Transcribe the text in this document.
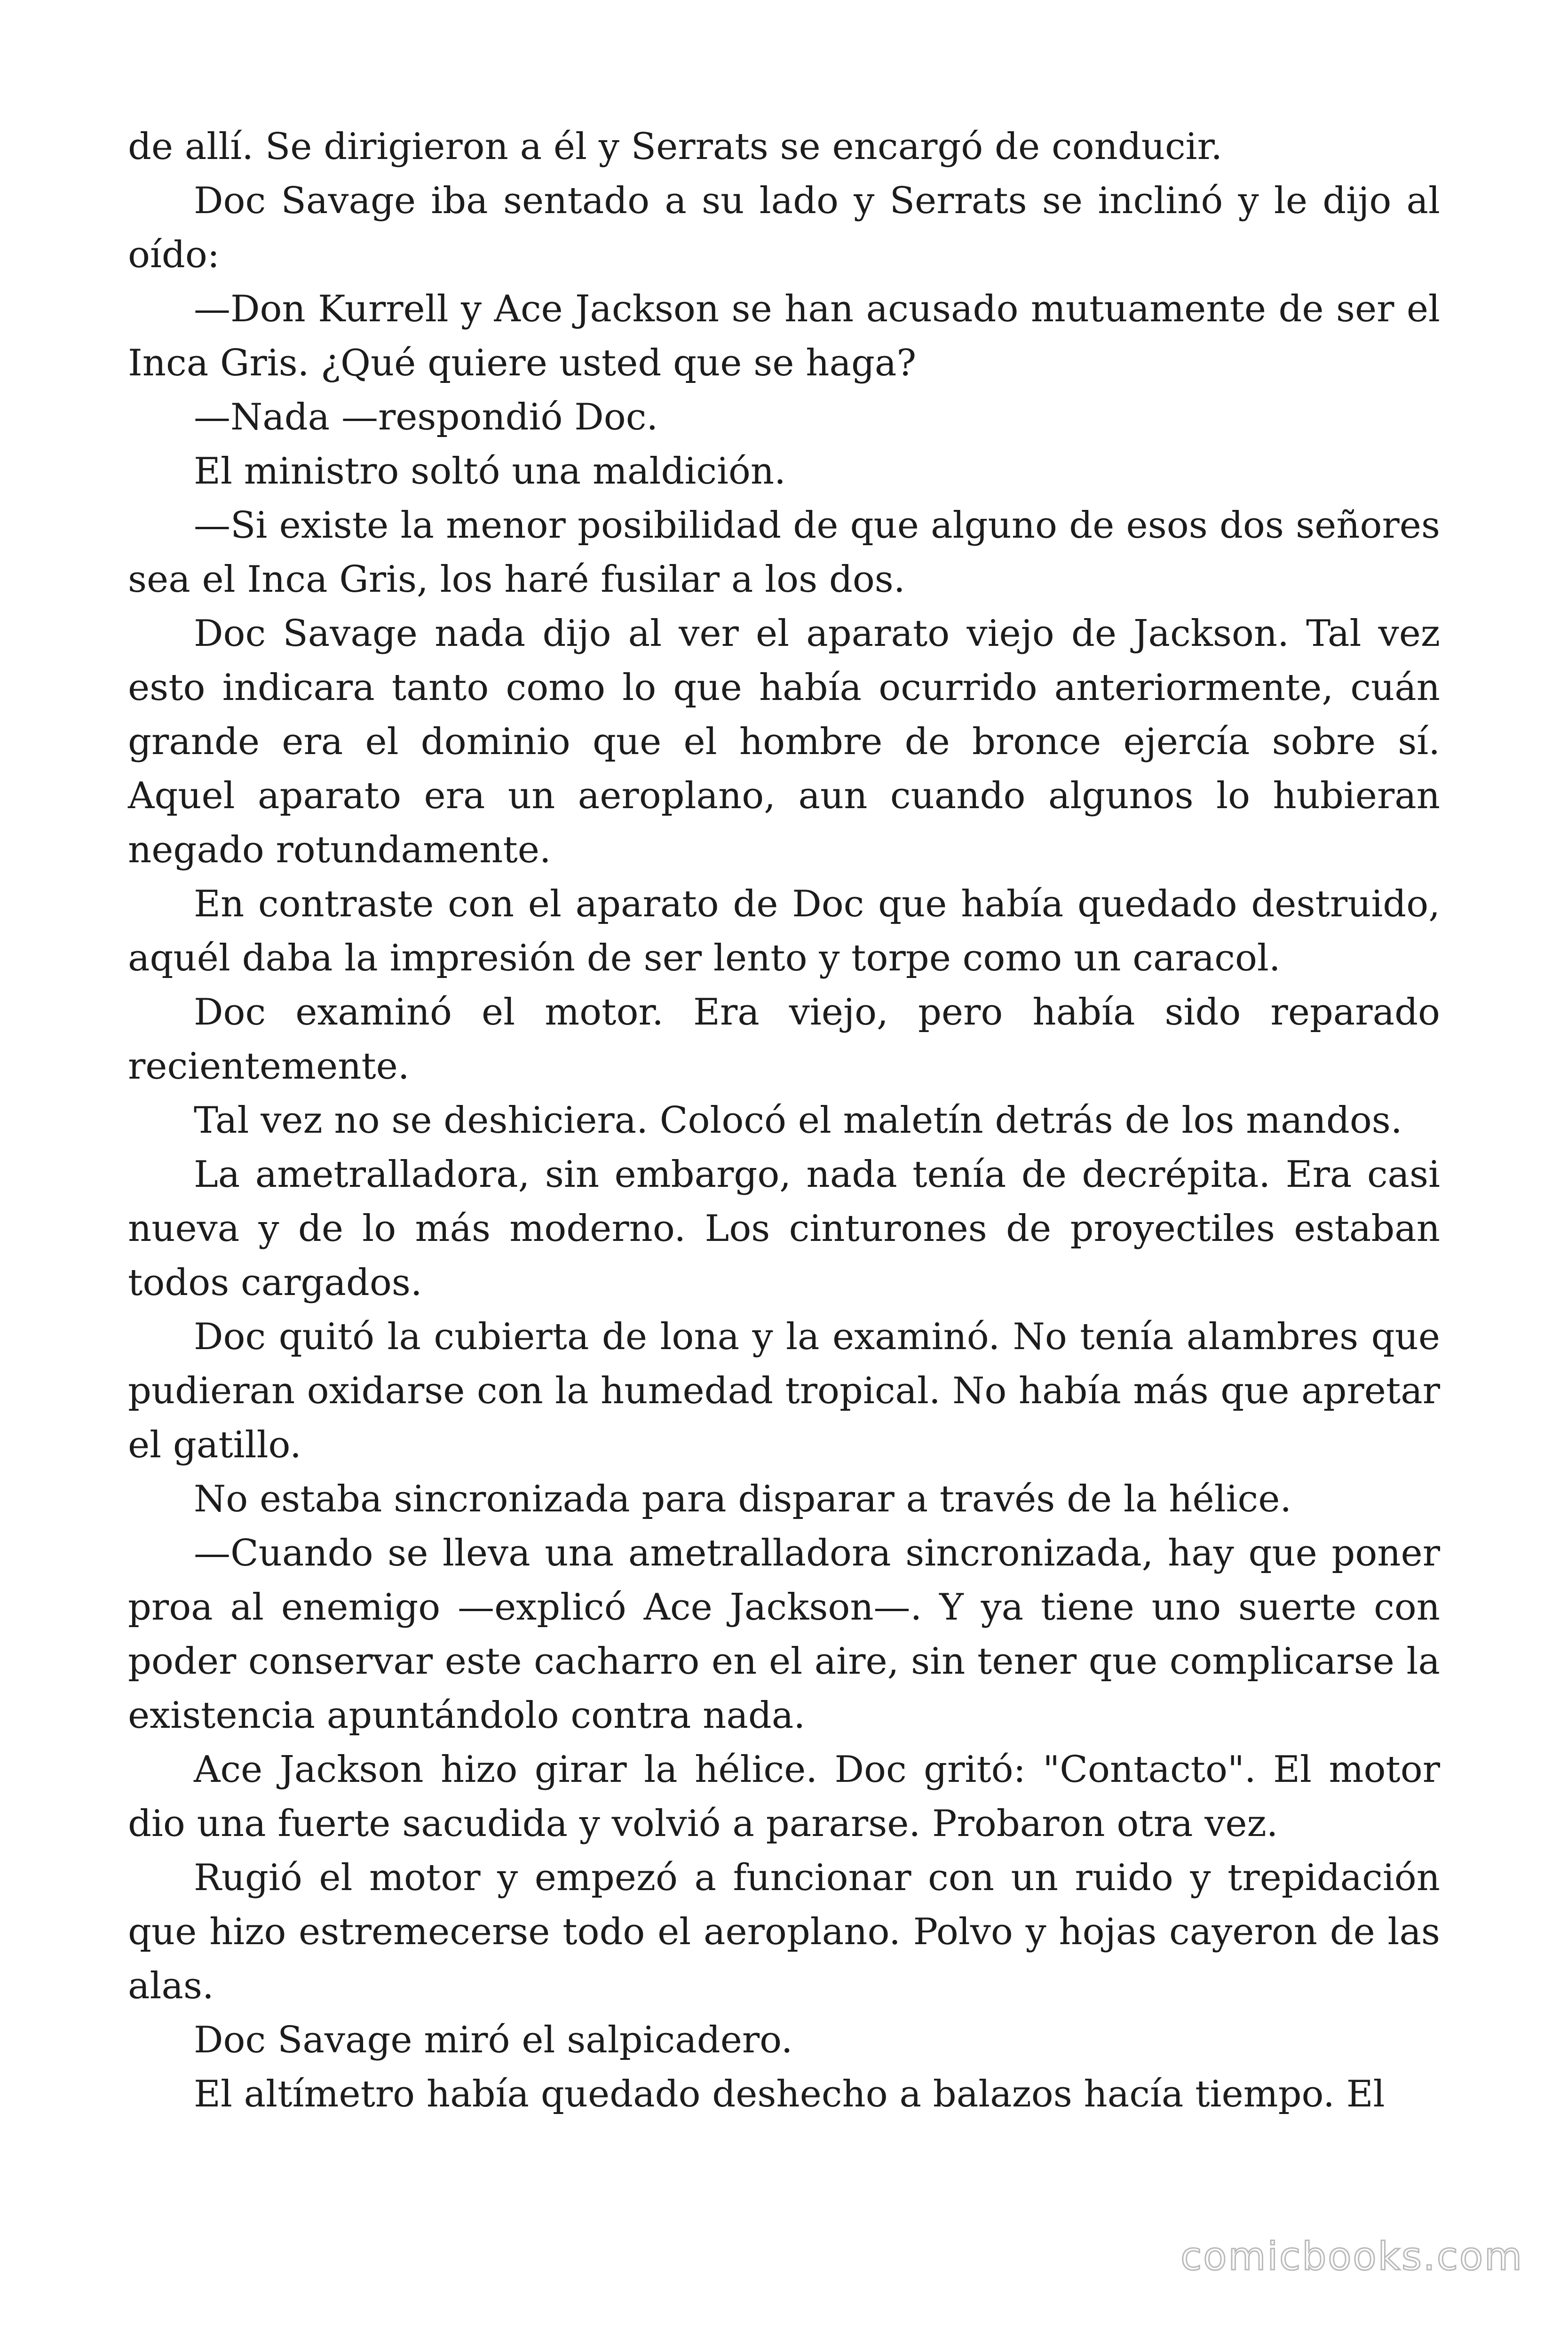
de allí. Se dirigieron a él y Serrats se encargó de conducir.

Doc Savage iba sentado a su lado y Serrats se inclinó y le dijo al oído:

—Don Kurrell y Ace Jackson se han acusado mutuamente de ser el Inca Gris. ¿Qué quiere usted que se haga?

—Nada —respondió Doc.

El ministro soltó una maldición.

—Si existe la menor posibilidad de que alguno de esos dos señores sea el Inca Gris, los haré fusilar a los dos.

Doc Savage nada dijo al ver el aparato viejo de Jackson. Tal vez esto indicara tanto como lo que había ocurrido anteriormente, cuán grande era el dominio que el hombre de bronce ejercía sobre sí. Aquel aparato era un aeroplano, aun cuando algunos lo hubieran negado rotundamente.

En contraste con el aparato de Doc que había quedado destruido, aquél daba la impresión de ser lento y torpe como un caracol.

Doc examinó el motor. Era viejo, pero había sido reparado recientemente.

Tal vez no se deshiciera. Colocó el maletín detrás de los mandos.

La ametralladora, sin embargo, nada tenía de decrépita. Era casi nueva y de lo más moderno. Los cinturones de proyectiles estaban todos cargados.

Doc quitó la cubierta de lona y la examinó. No tenía alambres que pudieran oxidarse con la humedad tropical. No había más que apretar el gatillo.

No estaba sincronizada para disparar a través de la hélice.

—Cuando se lleva una ametralladora sincronizada, hay que poner proa al enemigo —explicó Ace Jackson—. Y ya tiene uno suerte con poder conservar este cacharro en el aire, sin tener que complicarse la existencia apuntándolo contra nada.

Ace Jackson hizo girar la hélice. Doc gritó: "Contacto". El motor dio una fuerte sacudida y volvió a pararse. Probaron otra vez.

Rugió el motor y empezó a funcionar con un ruido y trepidación que hizo estremecerse todo el aeroplano. Polvo y hojas cayeron de las alas.

Doc Savage miró el salpicadero.

El altímetro había quedado deshecho a balazos hacía tiempo. El

comicbooks.com
